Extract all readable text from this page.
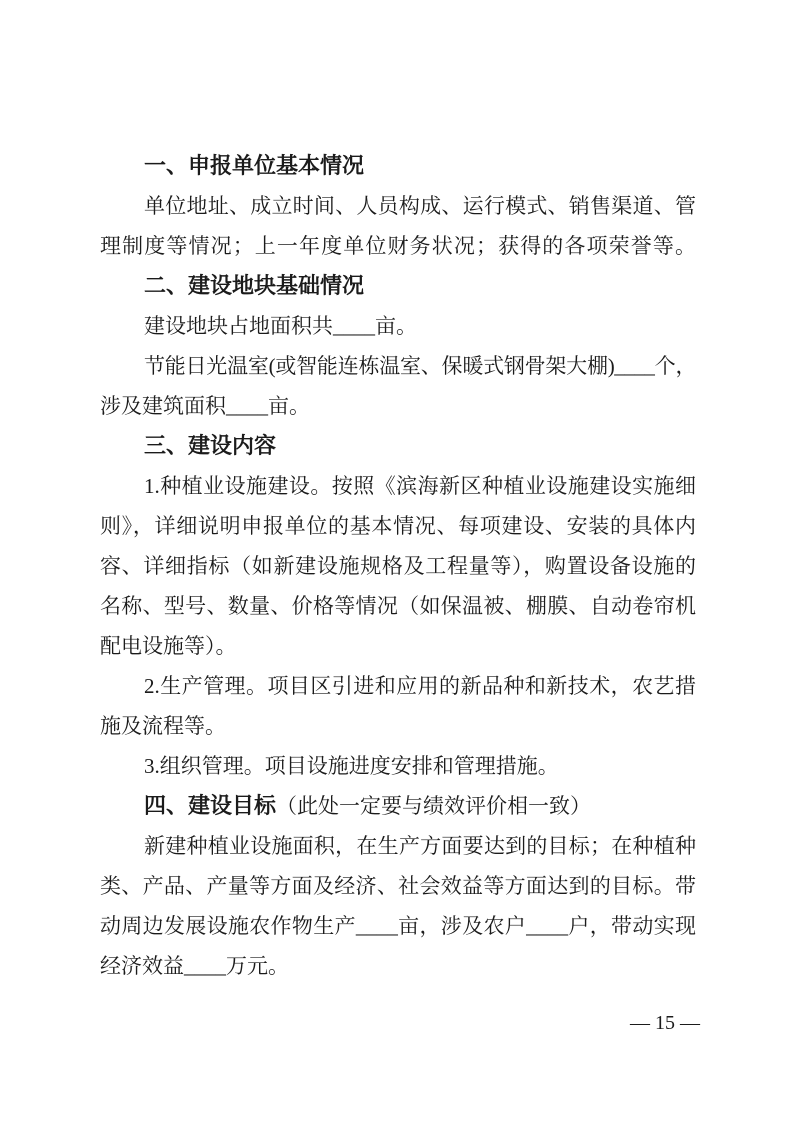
一、申报单位基本情况
单位地址、成立时间、人员构成、运行模式、销售渠道、管
理制度等情况；上一年度单位财务状况；获得的各项荣誉等。
二、建设地块基础情况
建设地块占地面积共____亩。
节能日光温室(或智能连栋温室、保暖式钢骨架大棚)____个，
涉及建筑面积____亩。
三、建设内容
1.种植业设施建设。按照《滨海新区种植业设施建设实施细
则》，详细说明申报单位的基本情况、每项建设、安装的具体内
容、详细指标（如新建设施规格及工程量等），购置设备设施的
名称、型号、数量、价格等情况（如保温被、棚膜、自动卷帘机
配电设施等）。
2.生产管理。项目区引进和应用的新品种和新技术，农艺措
施及流程等。
3.组织管理。项目设施进度安排和管理措施。
四、建设目标（此处一定要与绩效评价相一致）
新建种植业设施面积，在生产方面要达到的目标；在种植种
类、产品、产量等方面及经济、社会效益等方面达到的目标。带
动周边发展设施农作物生产____亩，涉及农户____户，带动实现
经济效益____万元。
— 15 —
